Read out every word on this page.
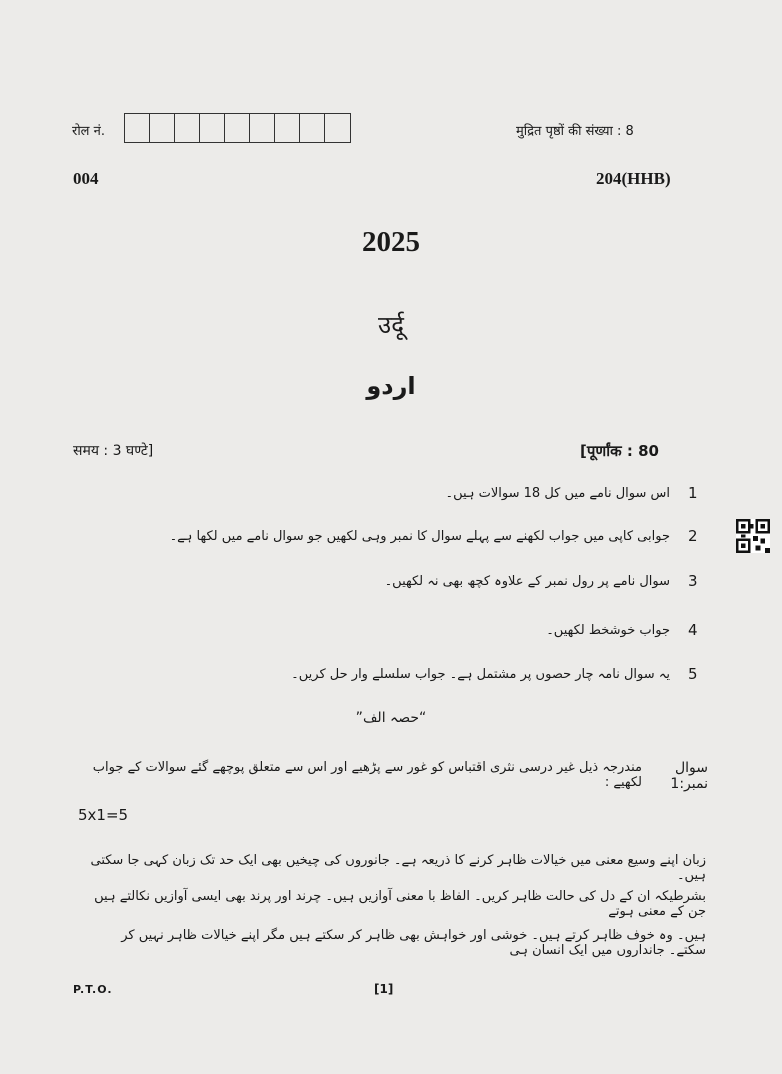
रोल नं.	मुद्रित पृष्ठों की संख्या : 8
004	204(HHB)
2025
उर्दू
اردو
समय : 3 घण्टे]	[पूर्णांक : 80
اس سوال نامے میں کل 18 سوالات ہیں۔ 1
جوابی کاپی میں جواب لکھنے سے پہلے سوال کا نمبر وہی لکھیں جو سوال نامے میں لکھا ہے۔ 2
سوال نامے پر رول نمبر کے علاوہ کچھ بھی نہ لکھیں۔ 3
جواب خوشخط لکھیں۔ 4
یہ سوال نامہ چار حصوں پر مشتمل ہے۔ جواب سلسلے وار حل کریں۔ 5
”حصہ الف“
سوال نمبر:1
مندرجہ ذیل غیر درسی نثری اقتباس کو غور سے پڑھیے اور اس سے متعلق پوچھے گئے سوالات کے جواب لکھیے :
5x1=5
زبان اپنے وسیع معنی میں خیالات ظاہر کرنے کا ذریعہ ہے۔ جانوروں کی چیخیں بھی ایک حد تک زبان کہی جا سکتی ہیں۔
بشرطیکہ ان کے دل کی حالت ظاہر کریں۔ الفاظ با معنی آوازیں ہیں۔ چرند اور پرند بھی ایسی آوازیں نکالتے ہیں جن کے معنی ہوتے
ہیں۔ وہ خوف ظاہر کرتے ہیں۔ خوشی اور خواہش بھی ظاہر کر سکتے ہیں مگر اپنے خیالات ظاہر نہیں کر سکتے۔ جانداروں میں ایک انسان ہی
P.T.O.	[1]
